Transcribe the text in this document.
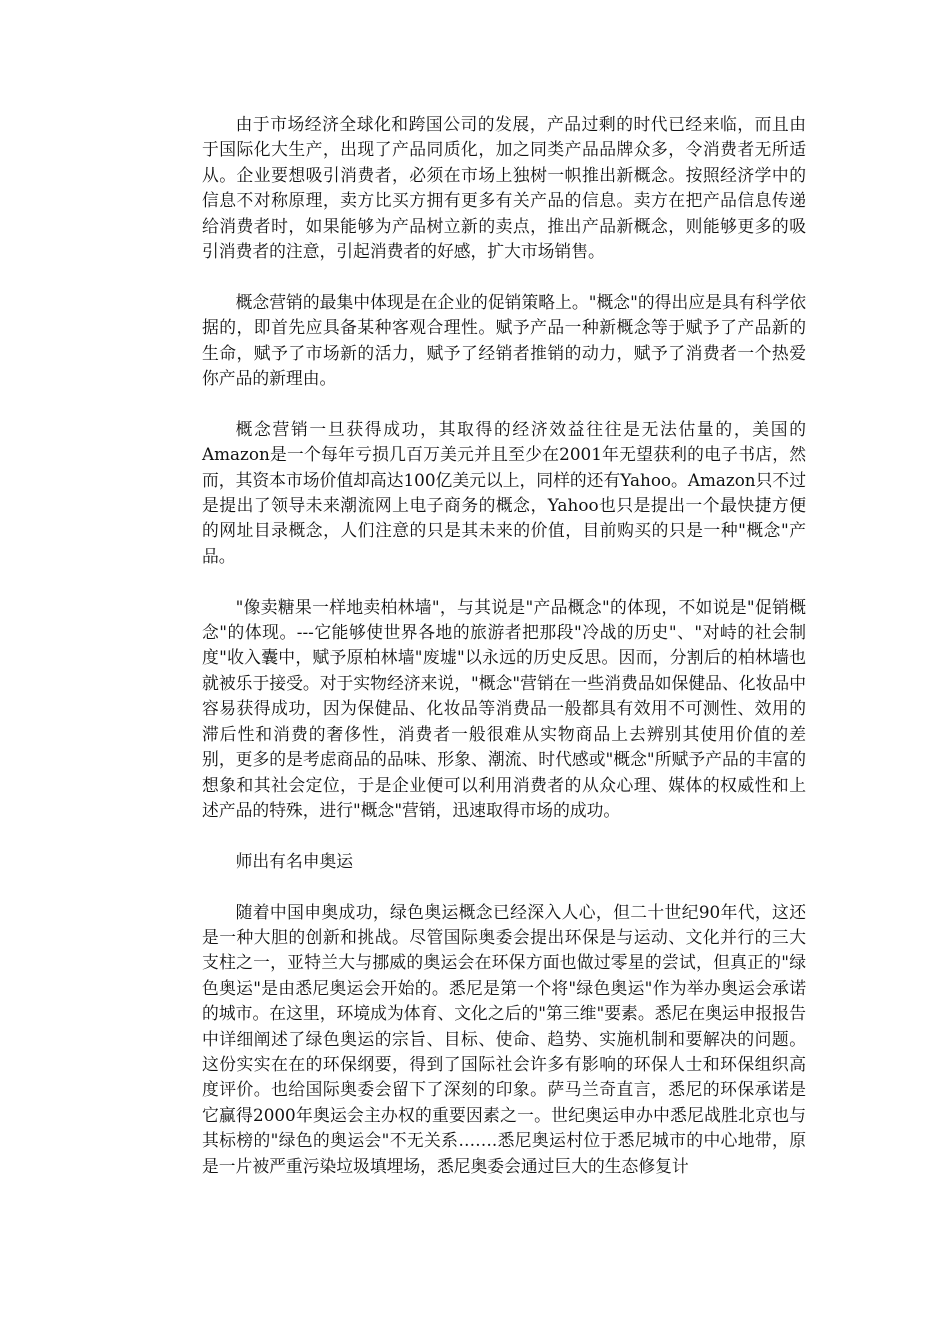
由于市场经济全球化和跨国公司的发展，产品过剩的时代已经来临，而且由于国际化大生产，出现了产品同质化，加之同类产品品牌众多，令消费者无所适从。企业要想吸引消费者，必须在市场上独树一帜推出新概念。按照经济学中的信息不对称原理，卖方比买方拥有更多有关产品的信息。卖方在把产品信息传递给消费者时，如果能够为产品树立新的卖点，推出产品新概念，则能够更多的吸引消费者的注意，引起消费者的好感，扩大市场销售。

概念营销的最集中体现是在企业的促销策略上。"概念"的得出应是具有科学依据的，即首先应具备某种客观合理性。赋予产品一种新概念等于赋予了产品新的生命，赋予了市场新的活力，赋予了经销者推销的动力，赋予了消费者一个热爱你产品的新理由。

概念营销一旦获得成功，其取得的经济效益往往是无法估量的，美国的Amazon是一个每年亏损几百万美元并且至少在2001年无望获利的电子书店，然而，其资本市场价值却高达100亿美元以上，同样的还有Yahoo。Amazon只不过是提出了领导未来潮流网上电子商务的概念，Yahoo也只是提出一个最快捷方便的网址目录概念，人们注意的只是其未来的价值，目前购买的只是一种"概念"产品。

"像卖糖果一样地卖柏林墙"，与其说是"产品概念"的体现，不如说是"促销概念"的体现。---它能够使世界各地的旅游者把那段"冷战的历史"、"对峙的社会制度"收入囊中，赋予原柏林墙"废墟"以永远的历史反思。因而，分割后的柏林墙也就被乐于接受。对于实物经济来说，"概念"营销在一些消费品如保健品、化妆品中容易获得成功，因为保健品、化妆品等消费品一般都具有效用不可测性、效用的滞后性和消费的奢侈性，消费者一般很难从实物商品上去辨别其使用价值的差别，更多的是考虑商品的品味、形象、潮流、时代感或"概念"所赋予产品的丰富的想象和其社会定位，于是企业便可以利用消费者的从众心理、媒体的权威性和上述产品的特殊，进行"概念"营销，迅速取得市场的成功。

师出有名申奥运

随着中国申奥成功，绿色奥运概念已经深入人心，但二十世纪90年代，这还是一种大胆的创新和挑战。尽管国际奥委会提出环保是与运动、文化并行的三大支柱之一，亚特兰大与挪威的奥运会在环保方面也做过零星的尝试，但真正的"绿色奥运"是由悉尼奥运会开始的。悉尼是第一个将"绿色奥运"作为举办奥运会承诺的城市。在这里，环境成为体育、文化之后的"第三维"要素。悉尼在奥运申报报告中详细阐述了绿色奥运的宗旨、目标、使命、趋势、实施机制和要解决的问题。这份实实在在的环保纲要，得到了国际社会许多有影响的环保人士和环保组织高度评价。也给国际奥委会留下了深刻的印象。萨马兰奇直言，悉尼的环保承诺是它赢得2000年奥运会主办权的重要因素之一。世纪奥运申办中悉尼战胜北京也与其标榜的"绿色的奥运会"不无关系…….悉尼奥运村位于悉尼城市的中心地带，原是一片被严重污染垃圾填埋场，悉尼奥委会通过巨大的生态修复计
